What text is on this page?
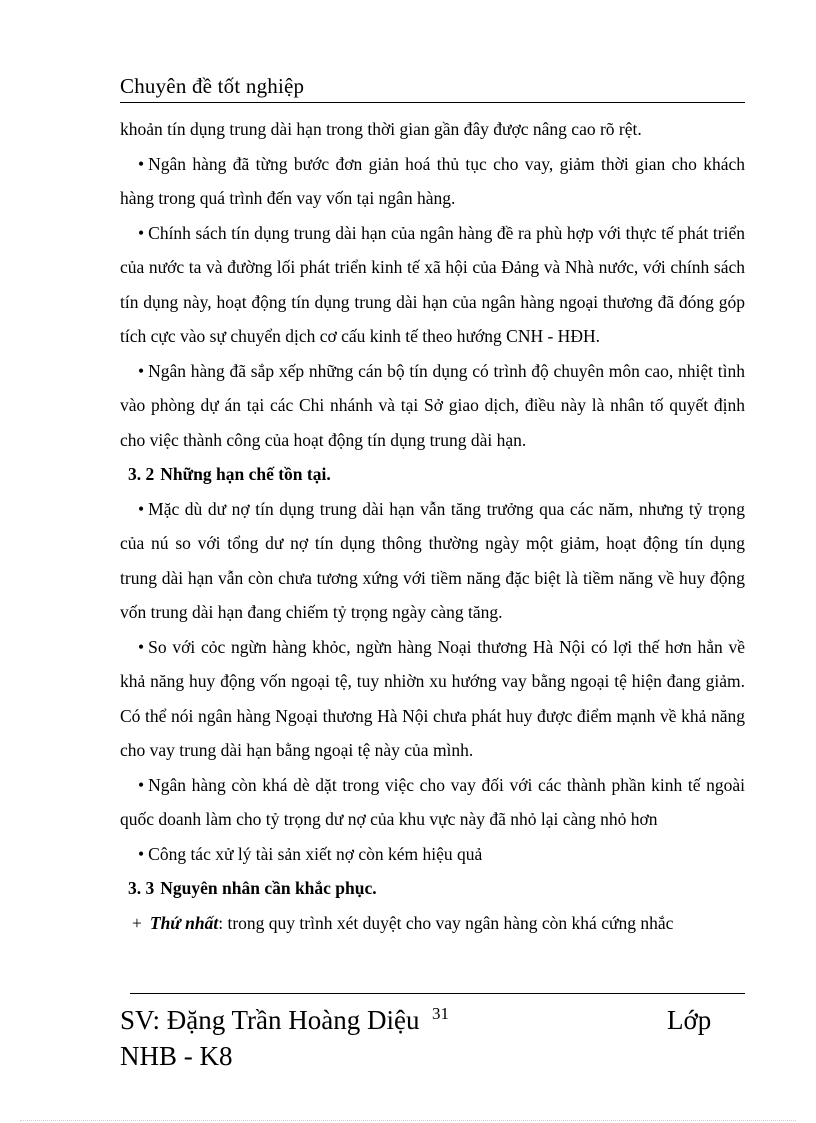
Chuyên đề tốt nghiệp

khoản tín dụng trung dài hạn trong thời gian gần đây được nâng cao rõ rệt.

• Ngân hàng đã từng bước đơn giản hoá thủ tục cho vay, giảm thời gian cho khách hàng trong quá trình đến vay vốn tại ngân hàng.

• Chính sách tín dụng trung dài hạn của ngân hàng đề ra phù hợp với thực tế phát triển của nước ta và đường lối phát triển kinh tế xã hội của Đảng và Nhà nước, với chính sách tín dụng này, hoạt động tín dụng trung dài hạn của ngân hàng ngoại thương đã đóng góp tích cực vào sự chuyển dịch cơ cấu kinh tế theo hướng CNH - HĐH.

• Ngân hàng đã sắp xếp những cán bộ tín dụng có trình độ chuyên môn cao, nhiệt tình vào phòng dự án tại các Chi nhánh và tại Sở giao dịch, điều này là nhân tố quyết định cho việc thành công của hoạt động tín dụng trung dài hạn.

3. 2 Những hạn chế tồn tại.

• Mặc dù dư nợ tín dụng trung dài hạn vẫn tăng trưởng qua các năm, nhưng tỷ trọng của nú so với tổng dư nợ tín dụng thông thường ngày một giảm, hoạt động tín dụng trung dài hạn vẫn còn chưa tương xứng với tiềm năng đặc biệt là tiềm năng về huy động vốn trung dài hạn đang chiếm tỷ trọng ngày càng tăng.

• So với cỏc ngừn hàng khỏc, ngừn hàng Noại thương Hà Nội có lợi thế hơn hẳn về khả năng huy động vốn ngoại tệ, tuy nhiờn xu hướng vay bằng ngoại tệ hiện đang giảm. Có thể nói ngân hàng Ngoại thương Hà Nội chưa phát huy được điểm mạnh về khả năng cho vay trung dài hạn bằng ngoại tệ này của mình.

• Ngân hàng còn khá dè dặt trong việc cho vay đối với các thành phần kinh tế ngoài quốc doanh làm cho tỷ trọng dư nợ của khu vực này đã nhỏ lại càng nhỏ hơn

• Công tác xử lý tài sản xiết nợ còn kém hiệu quả

3. 3 Nguyên nhân cần khắc phục.

+ Thứ nhất: trong quy trình xét duyệt cho vay ngân hàng còn khá cứng nhắc

SV: Đặng Trần Hoàng Diệu 31	Lớp
NHB - K8
